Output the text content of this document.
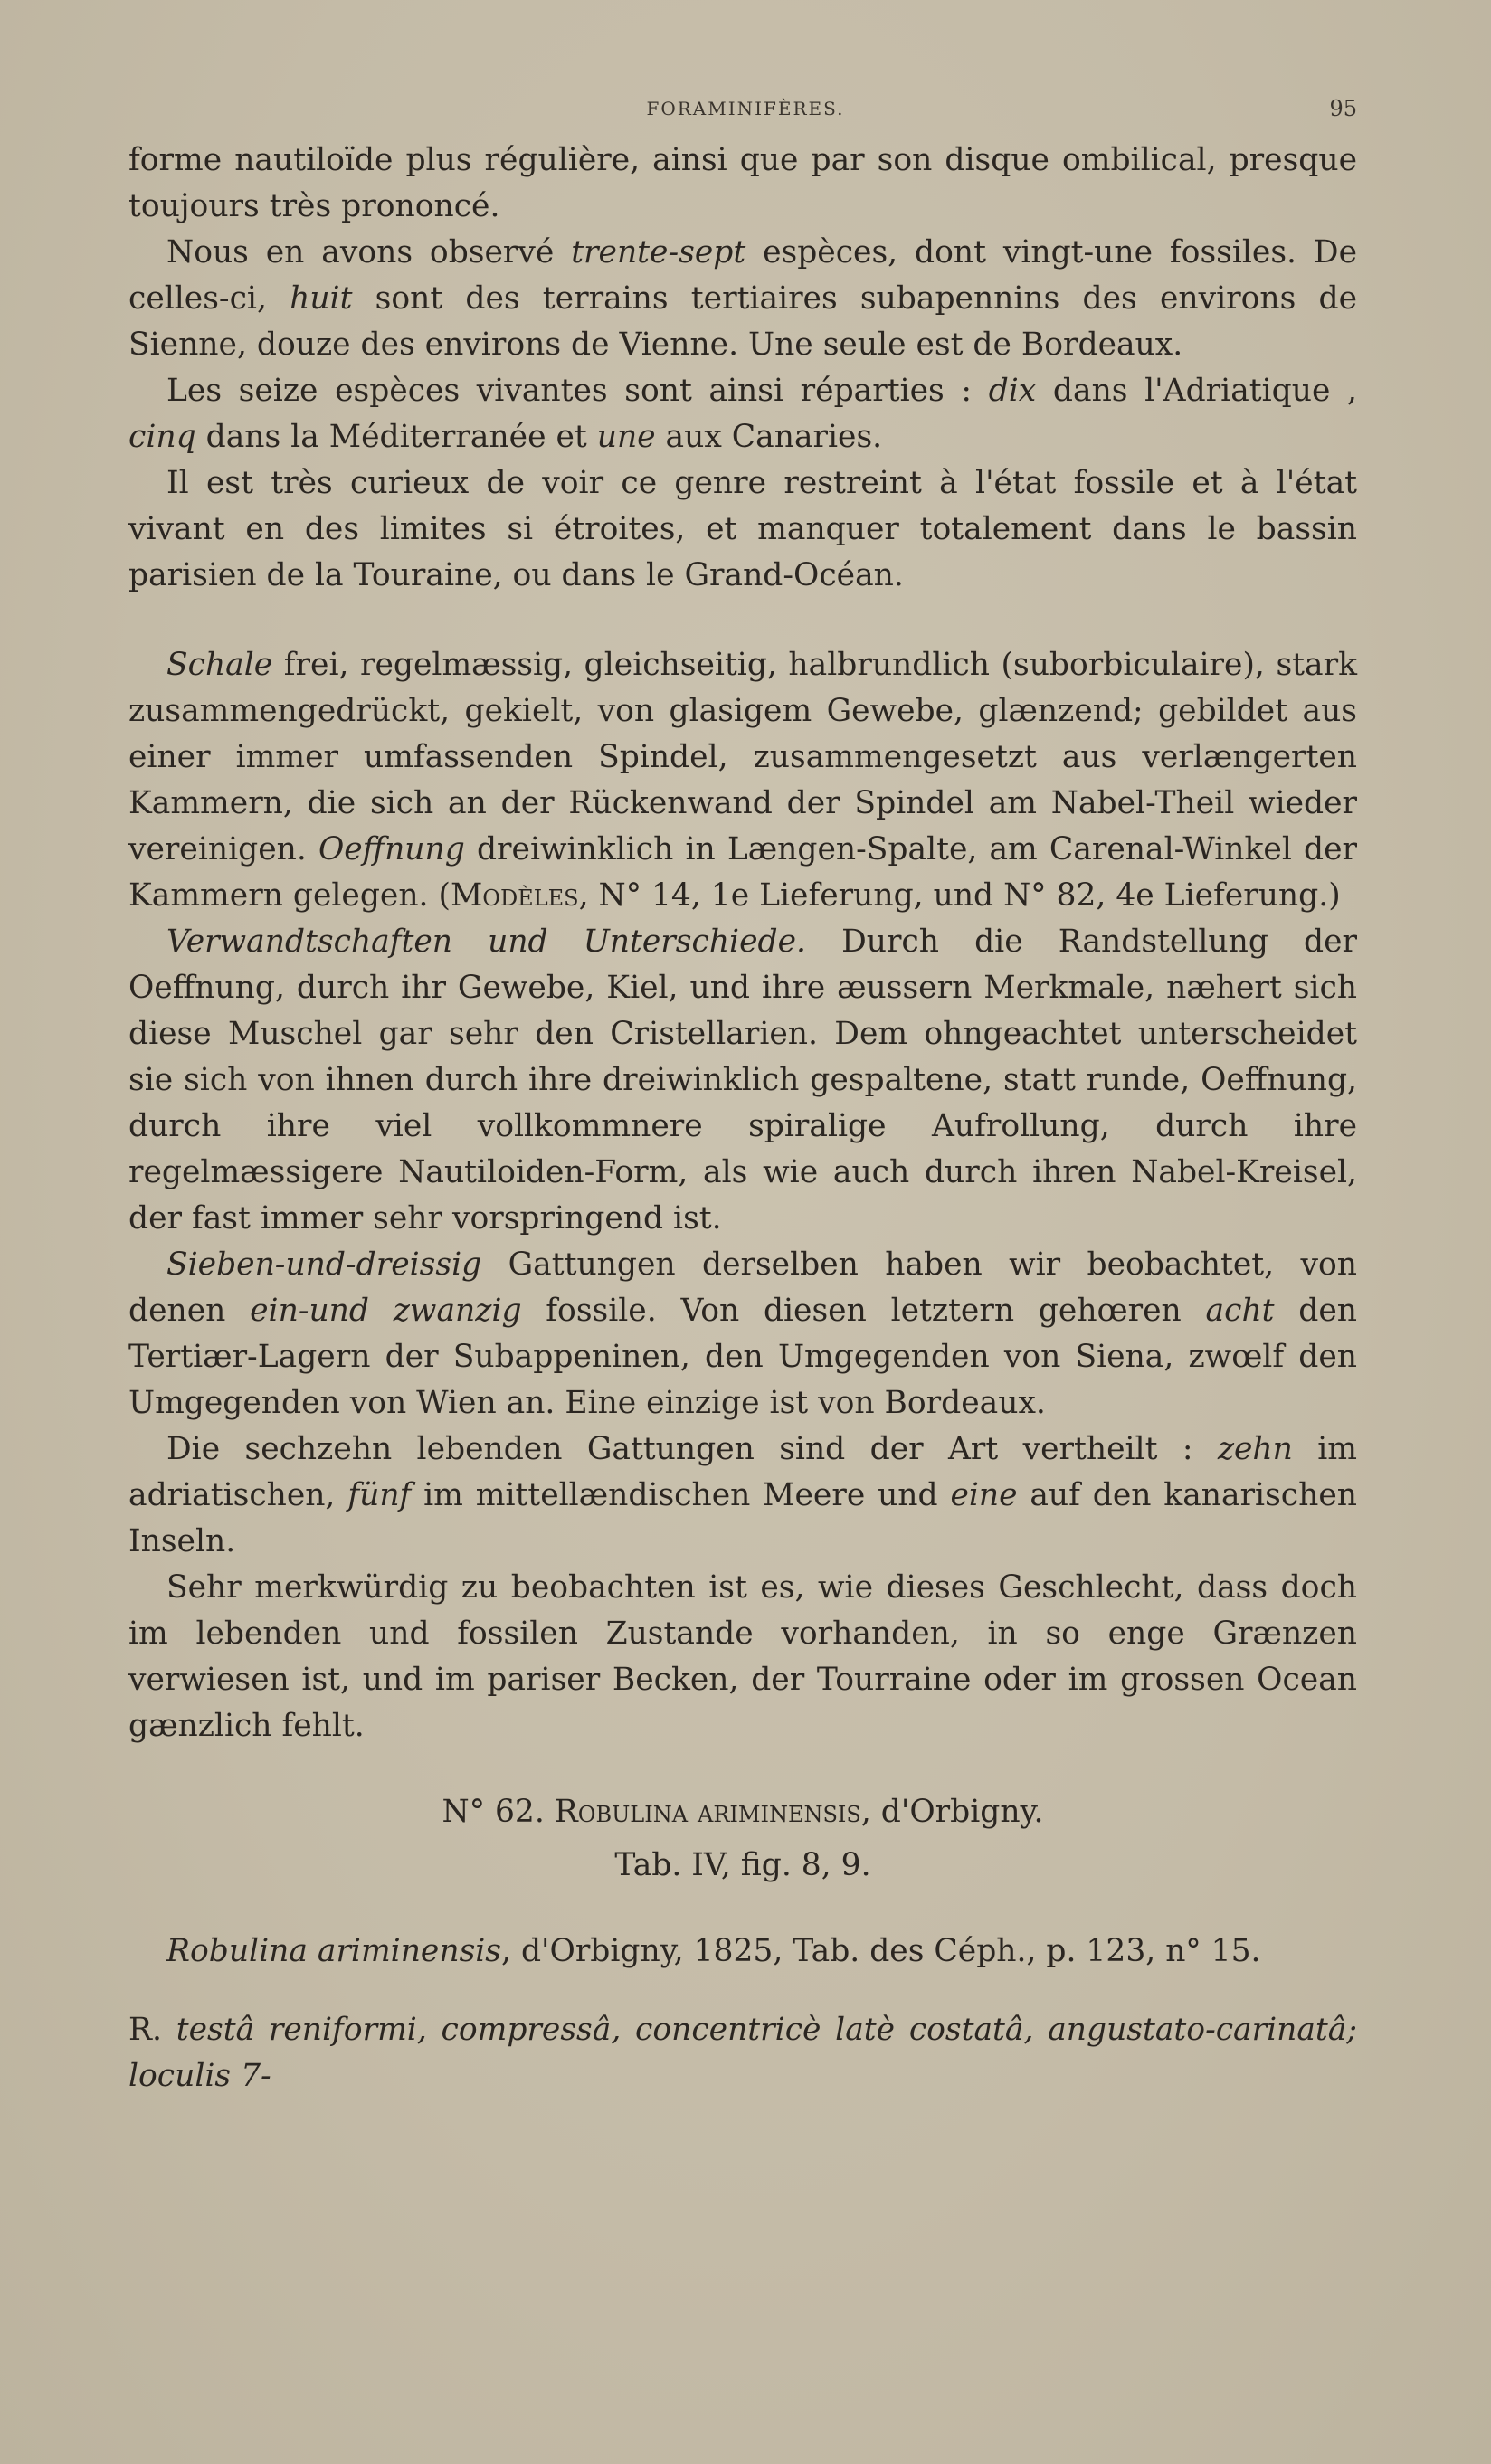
FORAMINIFÈRES.	95

forme nautiloïde plus régulière, ainsi que par son disque ombilical, presque toujours très prononcé.

Nous en avons observé trente-sept espèces, dont vingt-une fossiles. De celles-ci, huit sont des terrains tertiaires subapennins des environs de Sienne, douze des environs de Vienne. Une seule est de Bordeaux.

Les seize espèces vivantes sont ainsi réparties : dix dans l'Adriatique , cinq dans la Méditerranée et une aux Canaries.

Il est très curieux de voir ce genre restreint à l'état fossile et à l'état vivant en des limites si étroites, et manquer totalement dans le bassin parisien de la Touraine, ou dans le Grand-Océan.

Schale frei, regelmæssig, gleichseitig, halbrundlich (suborbiculaire), stark zusammengedrückt, gekielt, von glasigem Gewebe, glænzend; gebildet aus einer immer umfassenden Spindel, zusammengesetzt aus verlængerten Kammern, die sich an der Rückenwand der Spindel am Nabel-Theil wieder vereinigen. Oeffnung dreiwinklich in Længen-Spalte, am Carenal-Winkel der Kammern gelegen. (Modèles, N° 14, 1e Lieferung, und N° 82, 4e Lieferung.)

Verwandtschaften und Unterschiede. Durch die Randstellung der Oeffnung, durch ihr Gewebe, Kiel, und ihre æussern Merkmale, næhert sich diese Muschel gar sehr den Cristellarien. Dem ohngeachtet unterscheidet sie sich von ihnen durch ihre dreiwinklich gespaltene, statt runde, Oeffnung, durch ihre viel vollkommnere spiralige Aufrollung, durch ihre regelmæssigere Nautiloiden-Form, als wie auch durch ihren Nabel-Kreisel, der fast immer sehr vorspringend ist.

Sieben-und-dreissig Gattungen derselben haben wir beobachtet, von denen ein-und zwanzig fossile. Von diesen letztern gehœren acht den Tertiær-Lagern der Subappeninen, den Umgegenden von Siena, zwœlf den Umgegenden von Wien an. Eine einzige ist von Bordeaux.

Die sechzehn lebenden Gattungen sind der Art vertheilt : zehn im adriatischen, fünf im mittellændischen Meere und eine auf den kanarischen Inseln.

Sehr merkwürdig zu beobachten ist es, wie dieses Geschlecht, dass doch im lebenden und fossilen Zustande vorhanden, in so enge Grænzen verwiesen ist, und im pariser Becken, der Tourraine oder im grossen Ocean gænzlich fehlt.

N° 62. Robulina ariminensis, d'Orbigny.

Tab. IV, fig. 8, 9.

Robulina ariminensis, d'Orbigny, 1825, Tab. des Céph., p. 123, n° 15.

R. testâ reniformi, compressâ, concentricè latè costatâ, angustato-carinatâ; loculis 7-
